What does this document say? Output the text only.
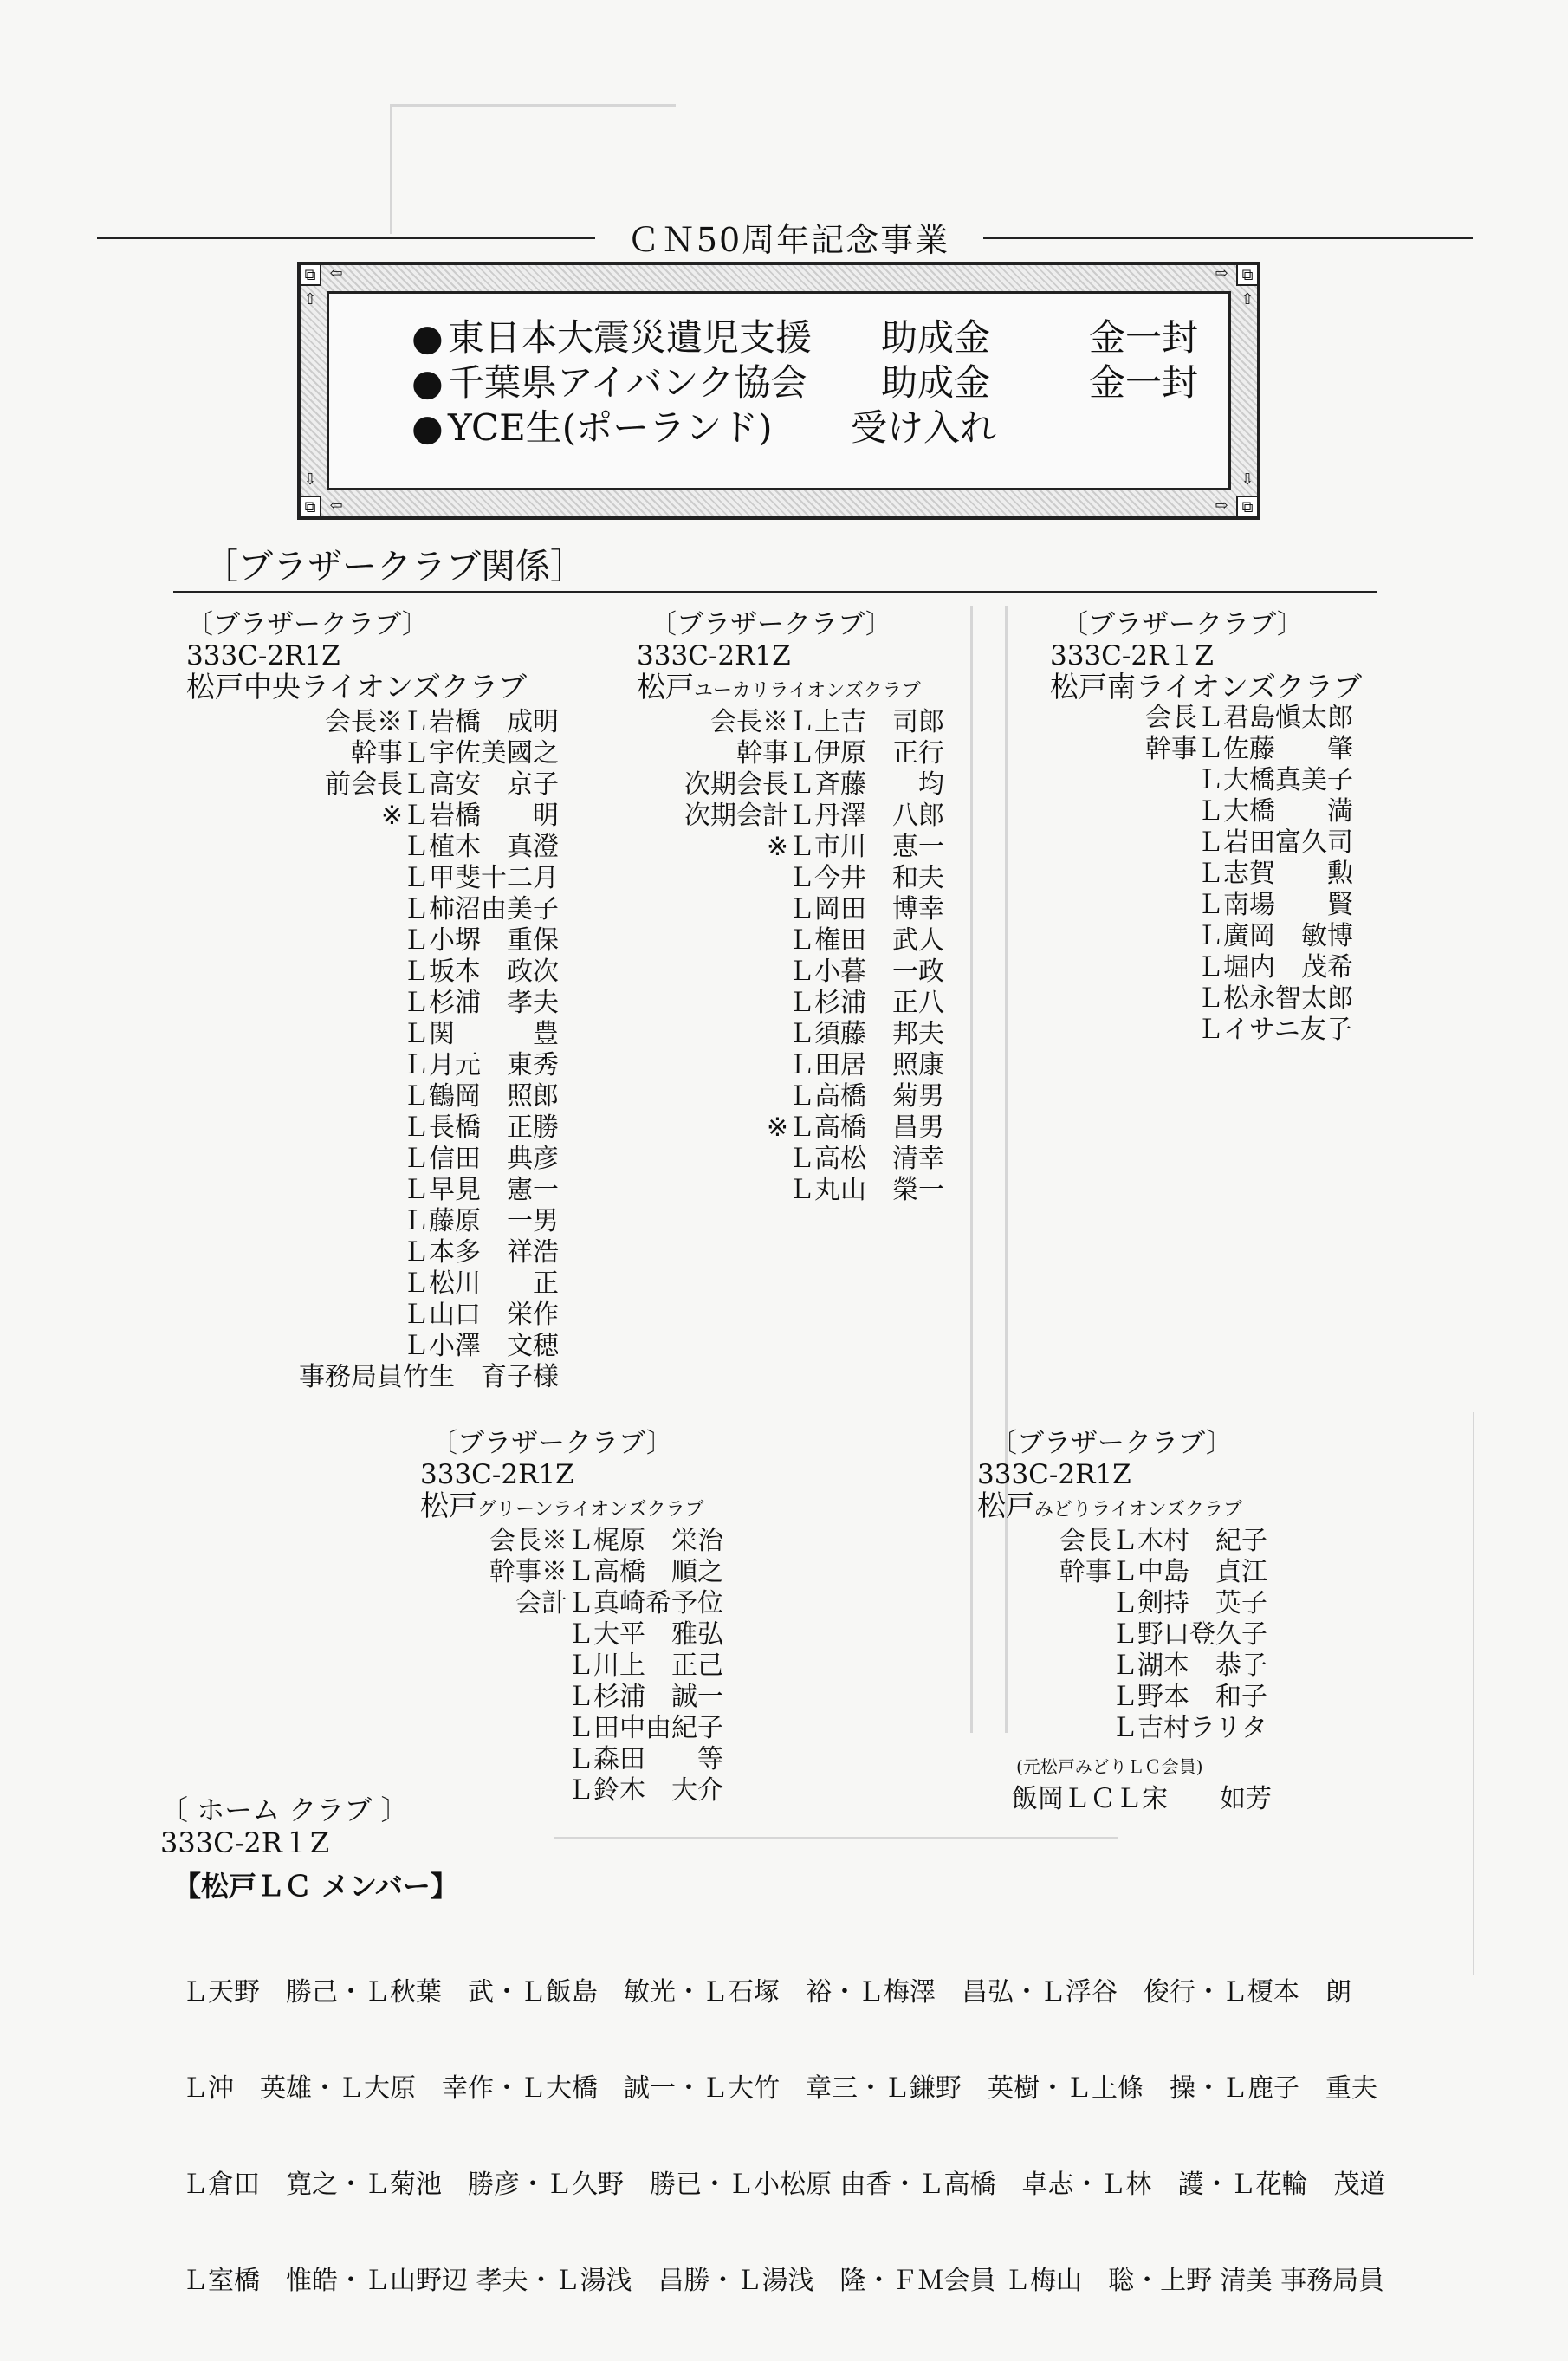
ＣＮ50周年記念事業
⧉ ⇦	⇨ ⧉
⇧	⇧
⇩	⇩
⧉ ⇦	⇨ ⧉
● 東日本大震災遺児支援	助成金	金一封
● 千葉県アイバンク協会	助成金	金一封
● YCE生(ポーランド)	受け入れ
［ブラザークラブ関係］
〔ブラザークラブ〕
333C-2R1Z
松戸中央ライオンズクラブ
会長※ Ｌ岩橋　成明
幹事 Ｌ宇佐美國之
前会長 Ｌ高安　京子
※ Ｌ岩橋　　明
Ｌ植木　真澄
Ｌ甲斐十二月
Ｌ柿沼由美子
Ｌ小堺　重保
Ｌ坂本　政次
Ｌ杉浦　孝夫
Ｌ関　　　豊
Ｌ月元　東秀
Ｌ鶴岡　照郎
Ｌ長橋　正勝
Ｌ信田　典彦
Ｌ早見　憲一
Ｌ藤原　一男
Ｌ本多　祥浩
Ｌ松川　　正
Ｌ山口　栄作
Ｌ小澤　文穂
事務局員 竹生　育子様
〔ブラザークラブ〕
333C-2R1Z
松戸ユーカリライオンズクラブ
会長※ Ｌ上吉　司郎
幹事 Ｌ伊原　正行
次期会長 Ｌ斉藤　　均
次期会計 Ｌ丹澤　八郎
※ Ｌ市川　恵一
Ｌ今井　和夫
Ｌ岡田　博幸
Ｌ権田　武人
Ｌ小暮　一政
Ｌ杉浦　正八
Ｌ須藤　邦夫
Ｌ田居　照康
Ｌ高橋　菊男
※ Ｌ高橋　昌男
Ｌ高松　清幸
Ｌ丸山　榮一
〔ブラザークラブ〕
333C-2R１Z
松戸南ライオンズクラブ
会長 Ｌ君島愼太郎
幹事 Ｌ佐藤　　肇
Ｌ大橋真美子
Ｌ大橋　　満
Ｌ岩田富久司
Ｌ志賀　　勲
Ｌ南場　　賢
Ｌ廣岡　敏博
Ｌ堀内　茂希
Ｌ松永智太郎
Ｌイサニ友子
〔ブラザークラブ〕
333C-2R1Z
松戸グリーンライオンズクラブ
会長※ Ｌ梶原　栄治
幹事※ Ｌ高橋　順之
会計 Ｌ真崎希予位
Ｌ大平　雅弘
Ｌ川上　正己
Ｌ杉浦　誠一
Ｌ田中由紀子
Ｌ森田　　等
Ｌ鈴木　大介
〔ブラザークラブ〕
333C-2R1Z
松戸みどりライオンズクラブ
会長 Ｌ木村　紀子
幹事 Ｌ中島　貞江
Ｌ剣持　英子
Ｌ野口登久子
Ｌ湖本　恭子
Ｌ野本　和子
Ｌ吉村ラリタ
(元松戸みどりＬＣ会員)
飯岡ＬＣ Ｌ宋　　如芳
〔 ホーム クラブ 〕
333C-2R１Z
【松戸ＬＣ メンバー】

Ｌ天野　勝己・Ｌ秋葉　武・Ｌ飯島　敏光・Ｌ石塚　裕・Ｌ梅澤　昌弘・Ｌ浮谷　俊行・Ｌ榎本　朗

Ｌ沖　英雄・Ｌ大原　幸作・Ｌ大橋　誠一・Ｌ大竹　章三・Ｌ鎌野　英樹・Ｌ上條　操・Ｌ鹿子　重夫

Ｌ倉田　寛之・Ｌ菊池　勝彦・Ｌ久野　勝已・Ｌ小松原 由香・Ｌ高橋　卓志・Ｌ林　護・Ｌ花輪　茂道

Ｌ室橋　惟皓・Ｌ山野辺 孝夫・Ｌ湯浅　昌勝・Ｌ湯浅　隆・ＦＭ会員 Ｌ梅山　聡・上野 清美 事務局員
